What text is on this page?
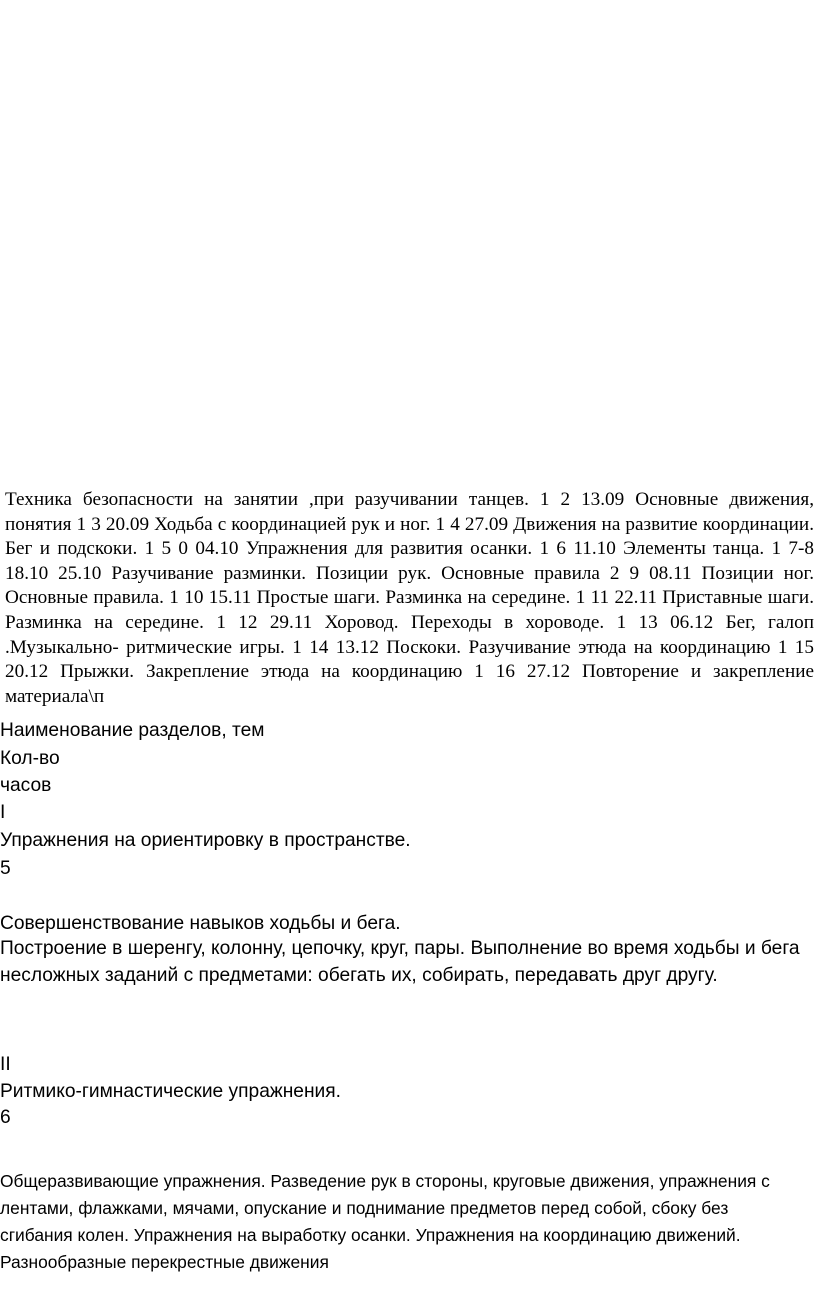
Техника безопасности на занятии ,при разучивании танцев. 1 2 13.09 Основные движения, понятия 1 3 20.09 Ходьба с координацией рук и ног. 1 4 27.09 Движения на развитие координации. Бег и подскоки. 1 5 0 04.10 Упражнения для развития осанки. 1 6 11.10 Элементы танца. 1 7-8 18.10 25.10 Разучивание разминки. Позиции рук. Основные правила 2 9 08.11 Позиции ног. Основные правила. 1 10 15.11 Простые шаги. Разминка на середине. 1 11 22.11 Приставные шаги. Разминка на середине. 1 12 29.11 Хоровод. Переходы в хороводе. 1 13 06.12 Бег, галоп .Музыкально- ритмические игры. 1 14 13.12 Поскоки. Разучивание этюда на координацию 1 15 20.12 Прыжки. Закрепление этюда на координацию 1 16 27.12 Повторение и закрепление материала\п
Наименование разделов, тем
Кол-во
часов
I
Упражнения на ориентировку в пространстве.
5
Совершенствование навыков ходьбы и бега.
Построение в шеренгу, колонну, цепочку, круг, пары. Выполнение во время ходьбы и бега несложных заданий с предметами: обегать их, собирать, передавать друг другу.
II
Ритмико-гимнастические упражнения.
6
Общеразвивающие упражнения. Разведение рук в стороны, круговые движения, упражнения с лентами, флажками, мячами, опускание и поднимание предметов перед собой, сбоку без сгибания колен. Упражнения на выработку осанки. Упражнения на координацию движений. Разнообразные перекрестные движения
